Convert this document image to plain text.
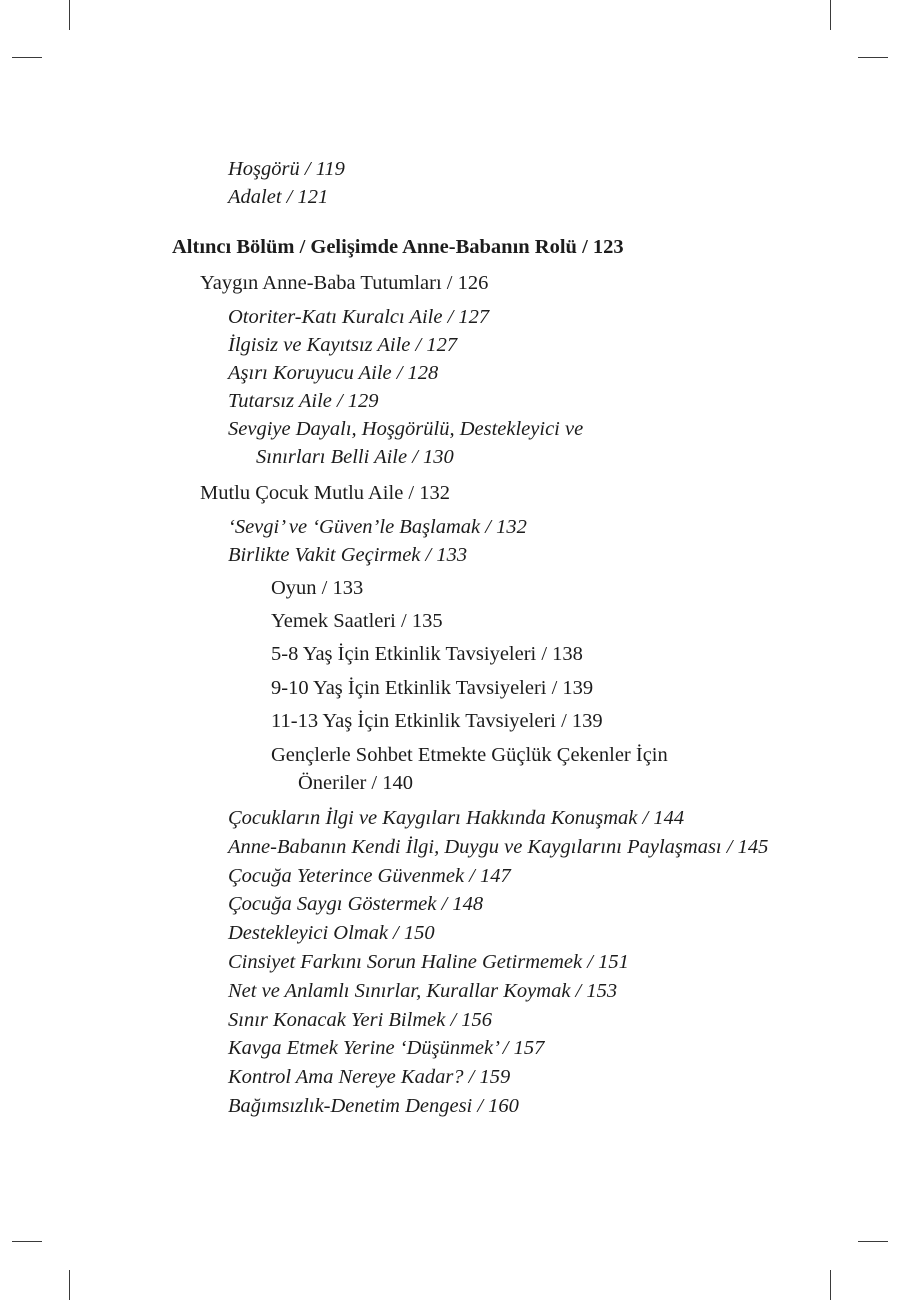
Hoşgörü / 119
Adalet / 121
Altıncı Bölüm / Gelişimde Anne-Babanın Rolü / 123
Yaygın Anne-Baba Tutumları / 126
Otoriter-Katı Kuralcı Aile / 127
İlgisiz ve Kayıtsız Aile / 127
Aşırı Koruyucu Aile / 128
Tutarsız Aile / 129
Sevgiye Dayalı, Hoşgörülü, Destekleyici ve
Sınırları Belli Aile / 130
Mutlu Çocuk Mutlu Aile / 132
‘Sevgi’ ve ‘Güven’le Başlamak / 132
Birlikte Vakit Geçirmek / 133
Oyun / 133
Yemek Saatleri / 135
5-8 Yaş İçin Etkinlik Tavsiyeleri / 138
9-10 Yaş İçin Etkinlik Tavsiyeleri / 139
11-13 Yaş İçin Etkinlik Tavsiyeleri / 139
Gençlerle Sohbet Etmekte Güçlük Çekenler İçin
Öneriler / 140
Çocukların İlgi ve Kaygıları Hakkında Konuşmak / 144
Anne-Babanın Kendi İlgi, Duygu ve Kaygılarını Paylaşması / 145
Çocuğa Yeterince Güvenmek / 147
Çocuğa Saygı Göstermek / 148
Destekleyici Olmak / 150
Cinsiyet Farkını Sorun Haline Getirmemek / 151
Net ve Anlamlı Sınırlar, Kurallar Koymak / 153
Sınır Konacak Yeri Bilmek / 156
Kavga Etmek Yerine ‘Düşünmek’ / 157
Kontrol Ama Nereye Kadar? / 159
Bağımsızlık-Denetim Dengesi / 160
